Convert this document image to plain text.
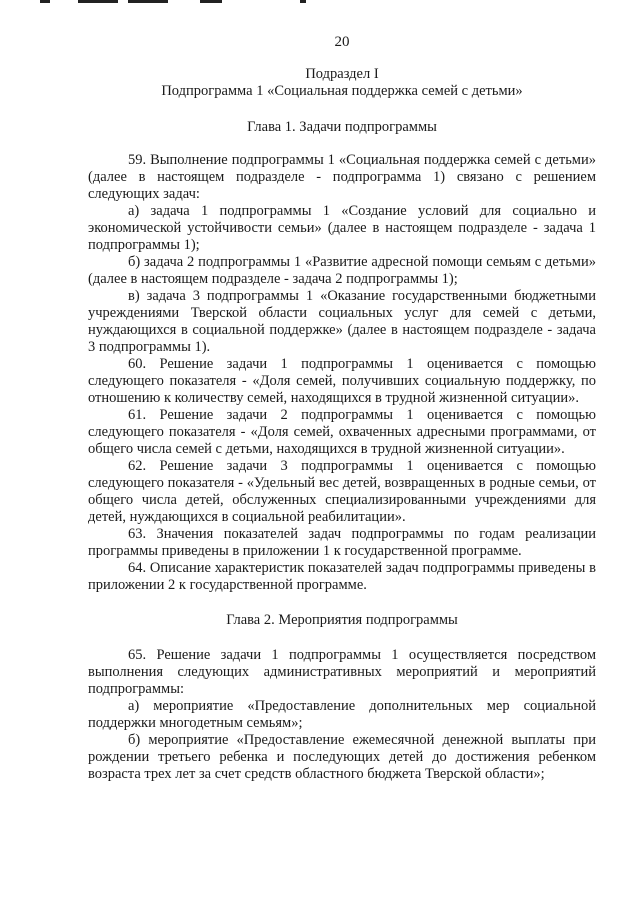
20
Подраздел I
Подпрограмма 1 «Социальная поддержка семей с детьми»
Глава 1. Задачи подпрограммы

59. Выполнение подпрограммы 1 «Социальная поддержка семей с детьми» (далее в настоящем подразделе - подпрограмма 1) связано с решением следующих задач:

а) задача 1 подпрограммы 1 «Создание условий для социально и экономической устойчивости семьи» (далее в настоящем подразделе - задача 1 подпрограммы 1);

б) задача 2 подпрограммы 1 «Развитие адресной помощи семьям с детьми» (далее в настоящем подразделе - задача 2 подпрограммы 1);

в) задача 3 подпрограммы 1 «Оказание государственными бюджетными учреждениями Тверской области социальных услуг для семей с детьми, нуждающихся в социальной поддержке» (далее в настоящем подразделе - задача 3 подпрограммы 1).

60. Решение задачи 1 подпрограммы 1 оценивается с помощью следующего показателя - «Доля семей, получивших социальную поддержку, по отношению к количеству семей, находящихся в трудной жизненной ситуации».

61. Решение задачи 2 подпрограммы 1 оценивается с помощью следующего показателя - «Доля семей, охваченных адресными программами, от общего числа семей с детьми, находящихся в трудной жизненной ситуации».

62. Решение задачи 3 подпрограммы 1 оценивается с помощью следующего показателя - «Удельный вес детей, возвращенных в родные семьи, от общего числа детей, обслуженных специализированными учреждениями для детей, нуждающихся в социальной реабилитации».

63. Значения показателей задач подпрограммы по годам реализации программы приведены в приложении 1 к государственной программе.

64. Описание характеристик показателей задач подпрограммы приведены в приложении 2 к государственной программе.

Глава 2. Мероприятия подпрограммы

65. Решение задачи 1 подпрограммы 1 осуществляется посредством выполнения следующих административных мероприятий и мероприятий подпрограммы:

а) мероприятие «Предоставление дополнительных мер социальной поддержки многодетным семьям»;

б) мероприятие «Предоставление ежемесячной денежной выплаты при рождении третьего ребенка и последующих детей до достижения ребенком возраста трех лет за счет средств областного бюджета Тверской области»;
